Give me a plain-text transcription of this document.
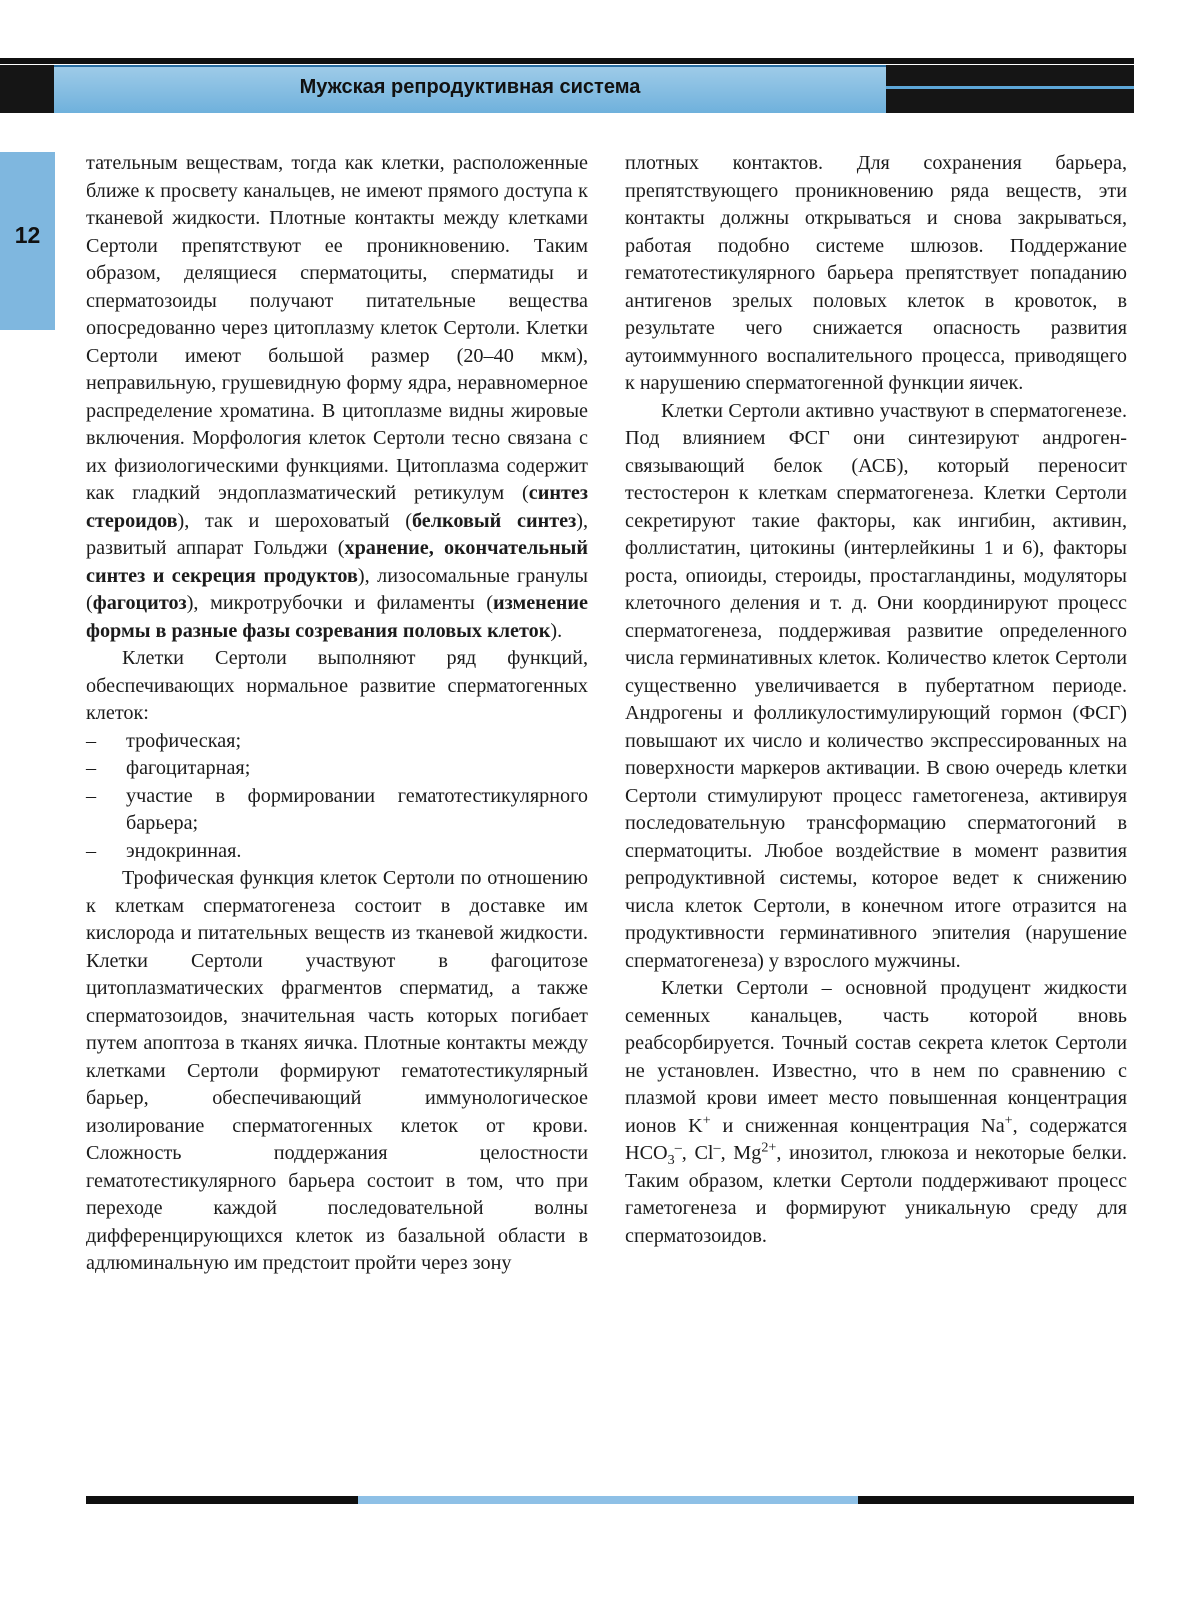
Мужская репродуктивная система
12

тательным веществам, тогда как клетки, расположенные ближе к просвету канальцев, не имеют прямого доступа к тканевой жидкости. Плотные контакты между клетками Сертоли препятствуют ее проникновению. Таким образом, делящиеся сперматоциты, сперматиды и сперматозоиды получают питательные вещества опосредованно через цитоплазму клеток Сертоли. Клетки Сертоли имеют большой размер (20–40 мкм), неправильную, грушевидную форму ядра, неравномерное распределение хроматина. В цитоплазме видны жировые включения. Морфология клеток Сертоли тесно связана с их физиологическими функциями. Цитоплазма содержит как гладкий эндоплазматический ретикулум (синтез стероидов), так и шероховатый (белковый синтез), развитый аппарат Гольджи (хранение, окончательный синтез и секреция продуктов), лизосомальные гранулы (фагоцитоз), микротрубочки и филаменты (изменение формы в разные фазы созревания половых клеток).

Клетки Сертоли выполняют ряд функций, обеспечивающих нормальное развитие сперматогенных клеток:

– трофическая;
– фагоцитарная;
– участие в формировании гематотестикулярного барьера;
– эндокринная.

Трофическая функция клеток Сертоли по отношению к клеткам сперматогенеза состоит в доставке им кислорода и питательных веществ из тканевой жидкости. Клетки Сертоли участвуют в фагоцитозе цитоплазматических фрагментов сперматид, а также сперматозоидов, значительная часть которых погибает путем апоптоза в тканях яичка. Плотные контакты между клетками Сертоли формируют гематотестикулярный барьер, обеспечивающий иммунологическое изолирование сперматогенных клеток от крови. Сложность поддержания целостности гематотестикулярного барьера состоит в том, что при переходе каждой последовательной волны дифференцирующихся клеток из базальной области в адлюминальную им предстоит пройти через зону

плотных контактов. Для сохранения барьера, препятствующего проникновению ряда веществ, эти контакты должны открываться и снова закрываться, работая подобно системе шлюзов. Поддержание гематотестикулярного барьера препятствует попаданию антигенов зрелых половых клеток в кровоток, в результате чего снижается опасность развития аутоиммунного воспалительного процесса, приводящего к нарушению сперматогенной функции яичек.

Клетки Сертоли активно участвуют в сперматогенезе. Под влиянием ФСГ они синтезируют андроген-связывающий белок (АСБ), который переносит тестостерон к клеткам сперматогенеза. Клетки Сертоли секретируют такие факторы, как ингибин, активин, фоллистатин, цитокины (интерлейкины 1 и 6), факторы роста, опиоиды, стероиды, простагландины, модуляторы клеточного деления и т. д. Они координируют процесс сперматогенеза, поддерживая развитие определенного числа герминативных клеток. Количество клеток Сертоли существенно увеличивается в пубертатном периоде. Андрогены и фолликулостимулирующий гормон (ФСГ) повышают их число и количество экспрессированных на поверхности маркеров активации. В свою очередь клетки Сертоли стимулируют процесс гаметогенеза, активируя последовательную трансформацию сперматогоний в сперматоциты. Любое воздействие в момент развития репродуктивной системы, которое ведет к снижению числа клеток Сертоли, в конечном итоге отразится на продуктивности герминативного эпителия (нарушение сперматогенеза) у взрослого мужчины.

Клетки Сертоли – основной продуцент жидкости семенных канальцев, часть которой вновь реабсорбируется. Точный состав секрета клеток Сертоли не установлен. Известно, что в нем по сравнению с плазмой крови имеет место повышенная концентрация ионов K+ и сниженная концентрация Na+, содержатся $HCO_3^-$, Cl–, $Mg^{2+}$, инозитол, глюкоза и некоторые белки. Таким образом, клетки Сертоли поддерживают процесс гаметогенеза и формируют уникальную среду для сперматозоидов.
